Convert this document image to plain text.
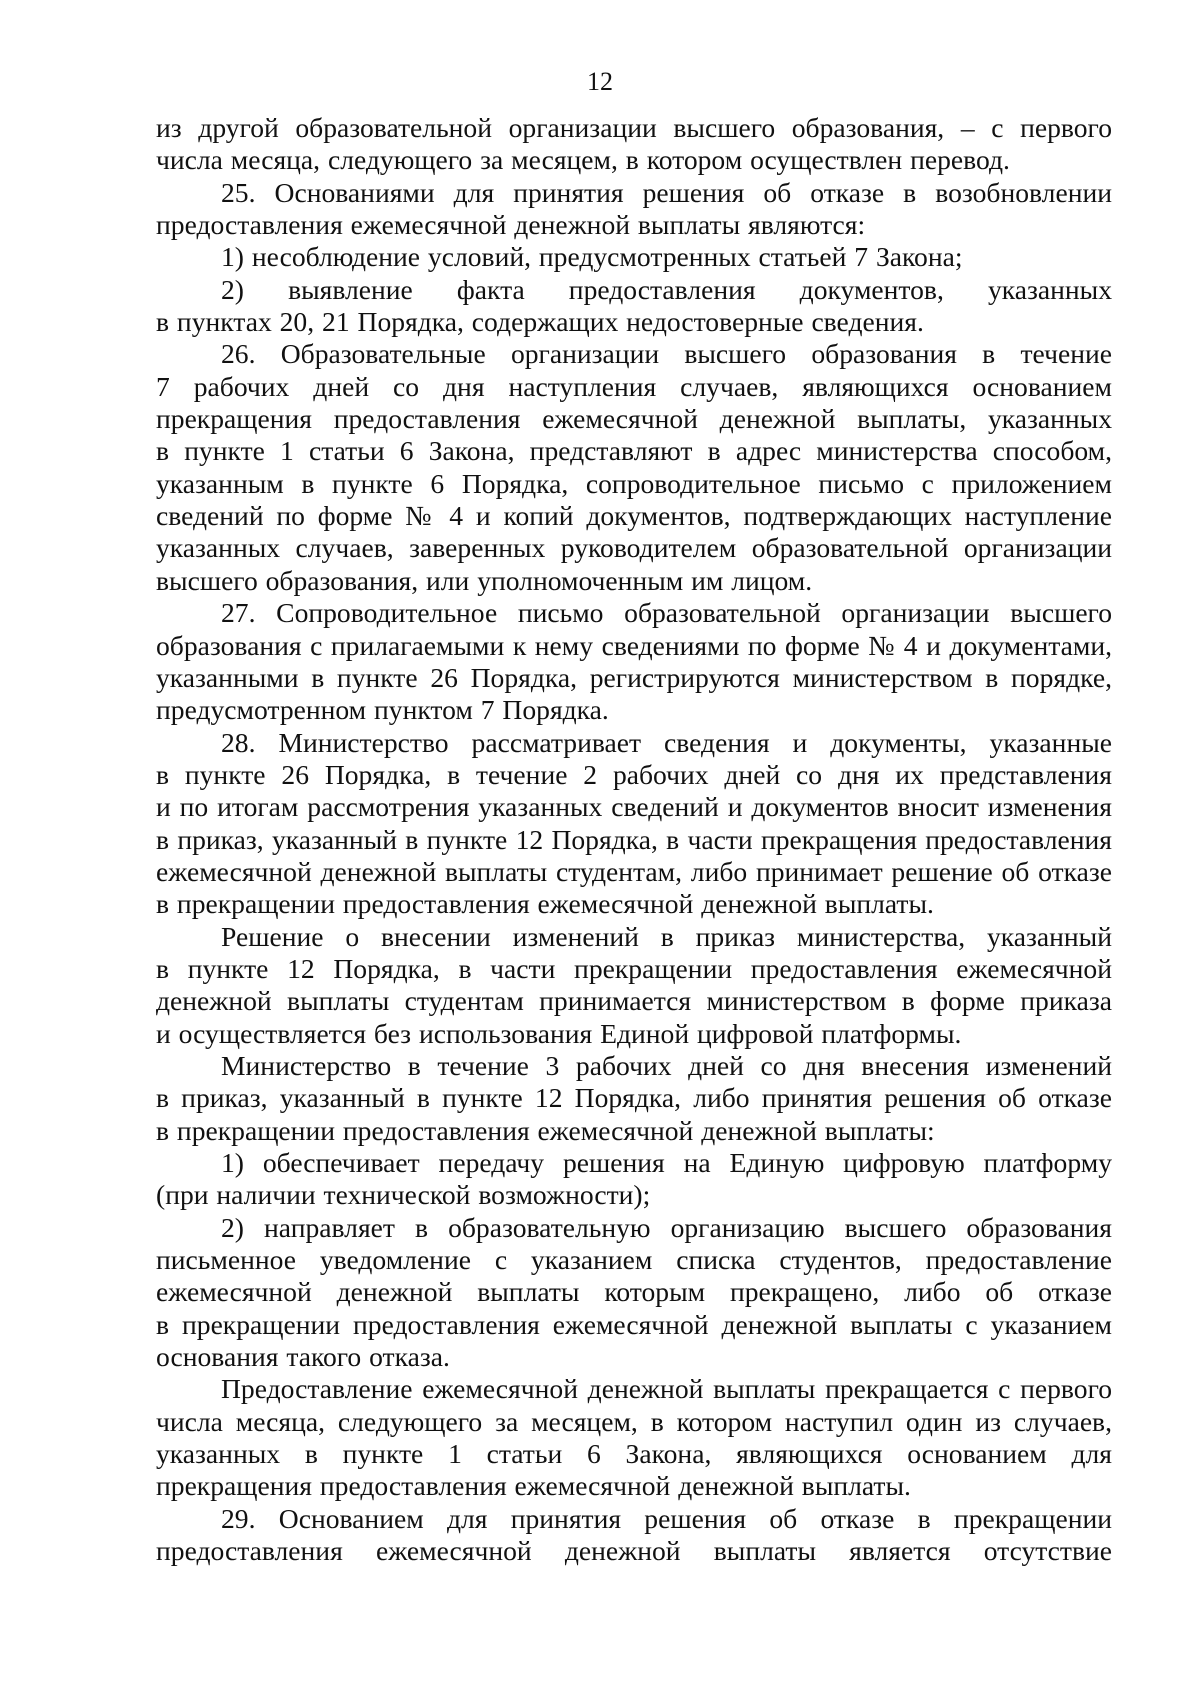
12

из другой образовательной организации высшего образования, – с первого

числа месяца, следующего за месяцем, в котором осуществлен перевод.

25. Основаниями для принятия решения об отказе в возобновлении

предоставления ежемесячной денежной выплаты являются:

1) несоблюдение условий, предусмотренных статьей 7 Закона;

2) выявление факта предоставления документов, указанных

в пунктах 20, 21 Порядка, содержащих недостоверные сведения.

26. Образовательные организации высшего образования в течение

7 рабочих дней со дня наступления случаев, являющихся основанием

прекращения предоставления ежемесячной денежной выплаты, указанных

в пункте 1 статьи 6 Закона, представляют в адрес министерства способом,

указанным в пункте 6 Порядка, сопроводительное письмо с приложением

сведений по форме № 4 и копий документов, подтверждающих наступление

указанных случаев, заверенных руководителем образовательной организации

высшего образования, или уполномоченным им лицом.

27. Сопроводительное письмо образовательной организации высшего

образования с прилагаемыми к нему сведениями по форме № 4 и документами,

указанными в пункте 26 Порядка, регистрируются министерством в порядке,

предусмотренном пунктом 7 Порядка.

28. Министерство рассматривает сведения и документы, указанные

в пункте 26 Порядка, в течение 2 рабочих дней со дня их представления

и по итогам рассмотрения указанных сведений и документов вносит изменения

в приказ, указанный в пункте 12 Порядка, в части прекращения предоставления

ежемесячной денежной выплаты студентам, либо принимает решение об отказе

в прекращении предоставления ежемесячной денежной выплаты.

Решение о внесении изменений в приказ министерства, указанный

в пункте 12 Порядка, в части прекращении предоставления ежемесячной

денежной выплаты студентам принимается министерством в форме приказа

и осуществляется без использования Единой цифровой платформы.

Министерство в течение 3 рабочих дней со дня внесения изменений

в приказ, указанный в пункте 12 Порядка, либо принятия решения об отказе

в прекращении предоставления ежемесячной денежной выплаты:

1) обеспечивает передачу решения на Единую цифровую платформу

(при наличии технической возможности);

2) направляет в образовательную организацию высшего образования

письменное уведомление с указанием списка студентов, предоставление

ежемесячной денежной выплаты которым прекращено, либо об отказе

в прекращении предоставления ежемесячной денежной выплаты с указанием

основания такого отказа.

Предоставление ежемесячной денежной выплаты прекращается с первого

числа месяца, следующего за месяцем, в котором наступил один из случаев,

указанных в пункте 1 статьи 6 Закона, являющихся основанием для

прекращения предоставления ежемесячной денежной выплаты.

29. Основанием для принятия решения об отказе в прекращении

предоставления ежемесячной денежной выплаты является отсутствие
